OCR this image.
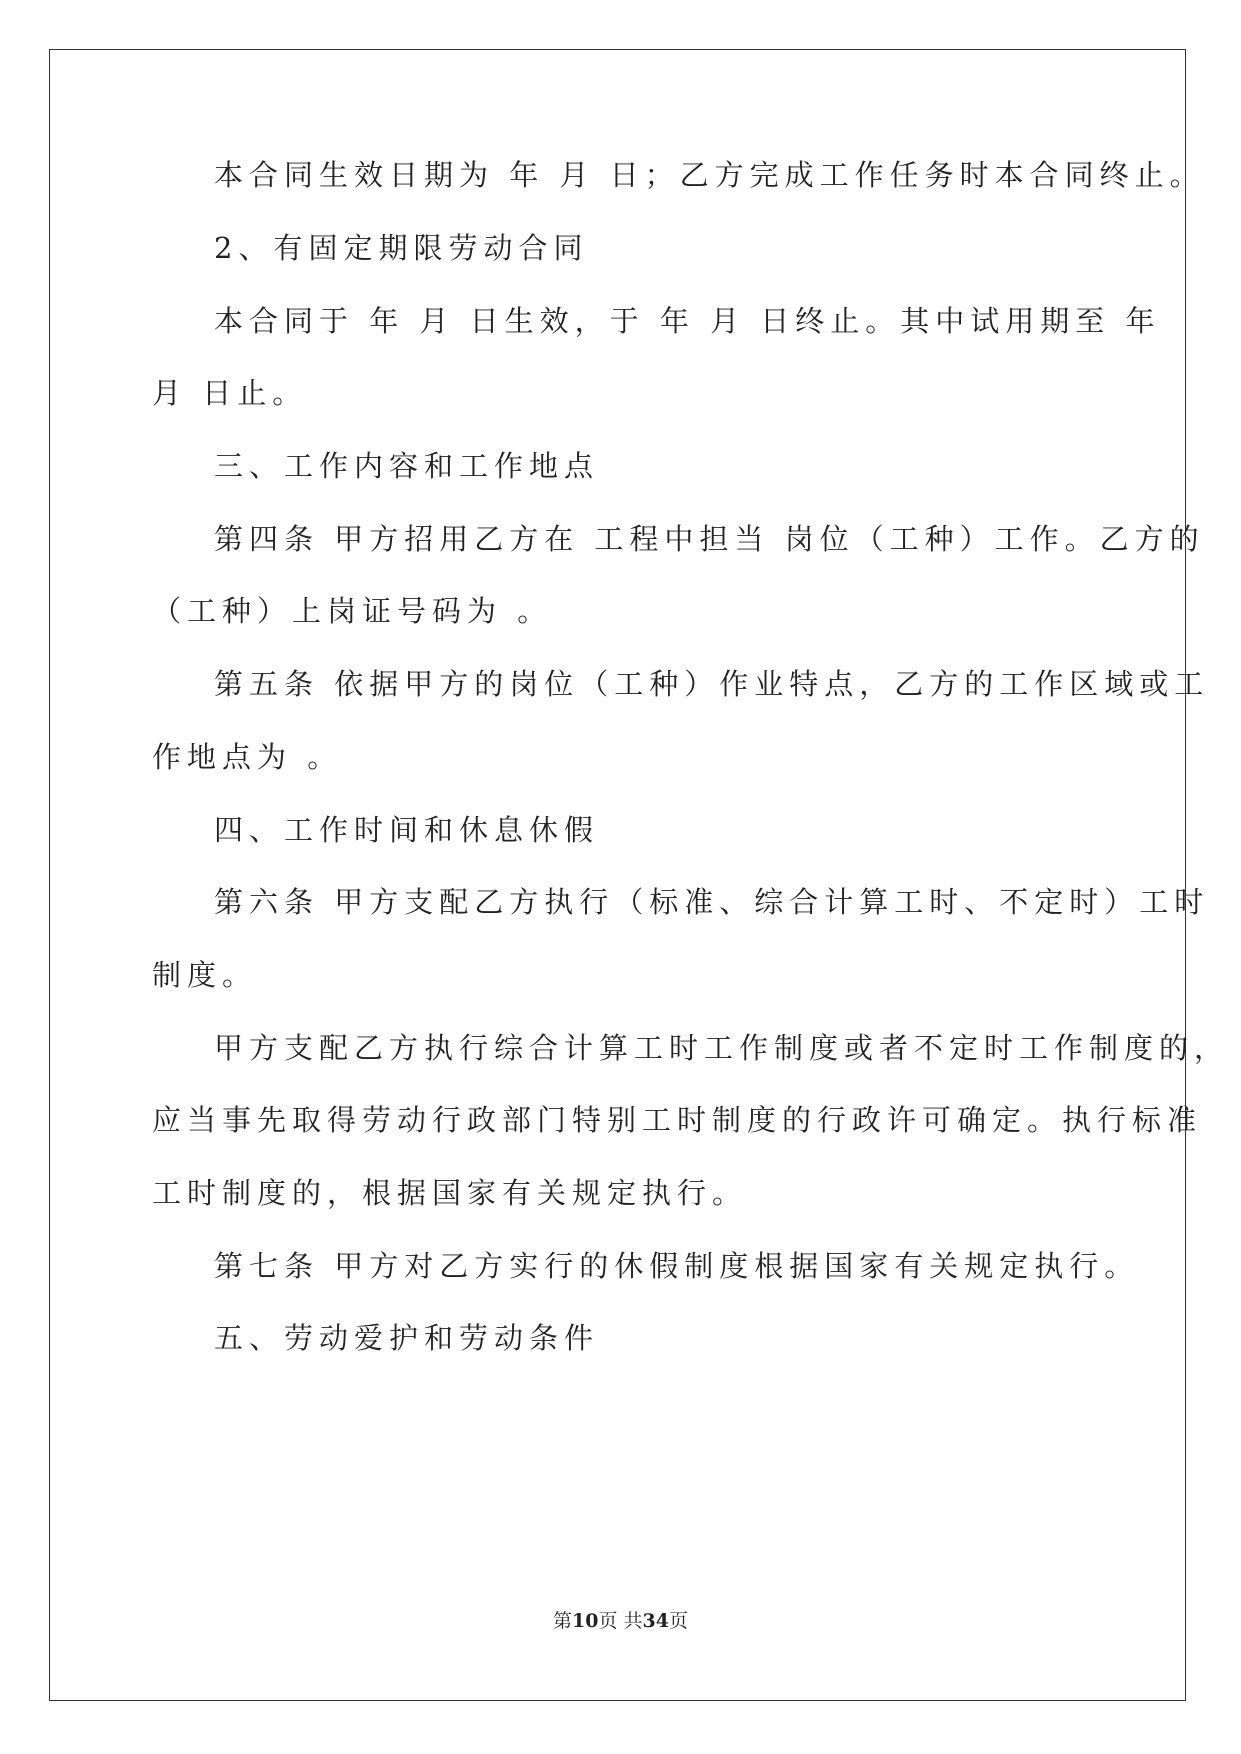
本合同生效日期为 年 月 日；乙方完成工作任务时本合同终止。
2、有固定期限劳动合同
本合同于 年 月 日生效，于 年 月 日终止。其中试用期至 年
月 日止。
三、工作内容和工作地点
第四条 甲方招用乙方在 工程中担当 岗位（工种）工作。乙方的
（工种）上岗证号码为 。
第五条 依据甲方的岗位（工种）作业特点，乙方的工作区域或工
作地点为 。
四、工作时间和休息休假
第六条 甲方支配乙方执行（标准、综合计算工时、不定时）工时
制度。
甲方支配乙方执行综合计算工时工作制度或者不定时工作制度的，
应当事先取得劳动行政部门特别工时制度的行政许可确定。执行标准
工时制度的，根据国家有关规定执行。
第七条 甲方对乙方实行的休假制度根据国家有关规定执行。
五、劳动爱护和劳动条件
第10页 共34页
